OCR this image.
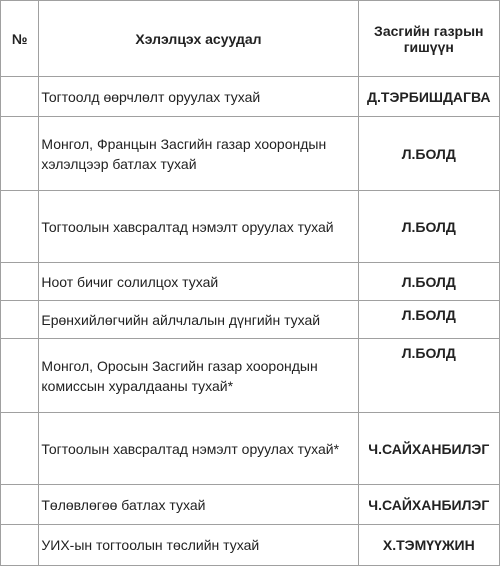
№	Хэлэлцэх асуудал	Засгийн газрын гишүүн
	Тогтоолд өөрчлөлт оруулах тухай	Д.ТЭРБИШДАГВА
	Монгол, Францын Засгийн газар хоорондын хэлэлцээр батлах тухай	Л.БОЛД
	Тогтоолын хавсралтад нэмэлт оруулах тухай	Л.БОЛД
	Ноот бичиг солилцох тухай	Л.БОЛД
	Ерөнхийлөгчийн айлчлалын дүнгийн тухай	Л.БОЛД
	Монгол, Оросын Засгийн газар хоорондын комиссын хуралдааны тухай*	Л.БОЛД
	Тогтоолын хавсралтад нэмэлт оруулах тухай*	Ч.САЙХАНБИЛЭГ
	Төлөвлөгөө батлах тухай	Ч.САЙХАНБИЛЭГ
	УИХ-ын тогтоолын төслийн тухай	Х.ТЭМҮҮЖИН
